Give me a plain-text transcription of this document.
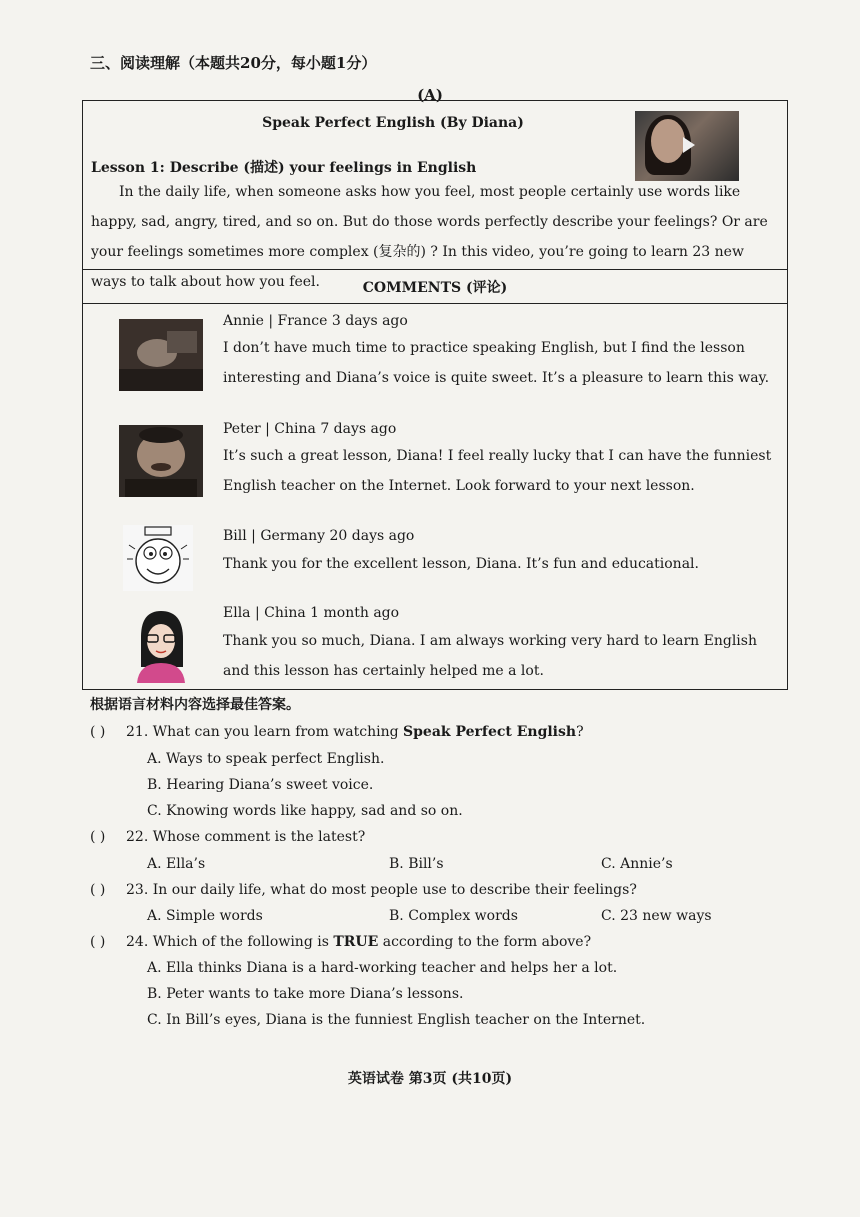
三、阅读理解（本题共20分，每小题1分）
(A)
Speak Perfect English (By Diana)
Lesson 1: Describe (描述) your feelings in English

In the daily life, when someone asks how you feel, most people certainly use words like happy, sad, angry, tired, and so on. But do those words perfectly describe your feelings? Or are your feelings sometimes more complex (复杂的) ? In this video, you’re going to learn 23 new ways to talk about how you feel.	COMMENTS (评论)
Annie | France 3 days ago

I don’t have much time to practice speaking English, but I find the lesson interesting and Diana’s voice is quite sweet. It’s a pleasure to learn this way.

Peter | China 7 days ago

It’s such a great lesson, Diana! I feel really lucky that I can have the funniest English teacher on the Internet. Look forward to your next lesson.

Bill | Germany 20 days ago

Thank you for the excellent lesson, Diana. It’s fun and educational.

Ella | China 1 month ago

Thank you so much, Diana. I am always working very hard to learn English and this lesson has certainly helped me a lot.

根据语言材料内容选择最佳答案。
( ) 21. What can you learn from watching Speak Perfect English?
A. Ways to speak perfect English.
B. Hearing Diana’s sweet voice.
C. Knowing words like happy, sad and so on.
( ) 22. Whose comment is the latest?
A. Ella’s	B. Bill’s	C. Annie’s
( ) 23. In our daily life, what do most people use to describe their feelings?
A. Simple words	B. Complex words	C. 23 new ways
( ) 24. Which of the following is TRUE according to the form above?
A. Ella thinks Diana is a hard-working teacher and helps her a lot.
B. Peter wants to take more Diana’s lessons.
C. In Bill’s eyes, Diana is the funniest English teacher on the Internet.
英语试卷 第3页 (共10页)
